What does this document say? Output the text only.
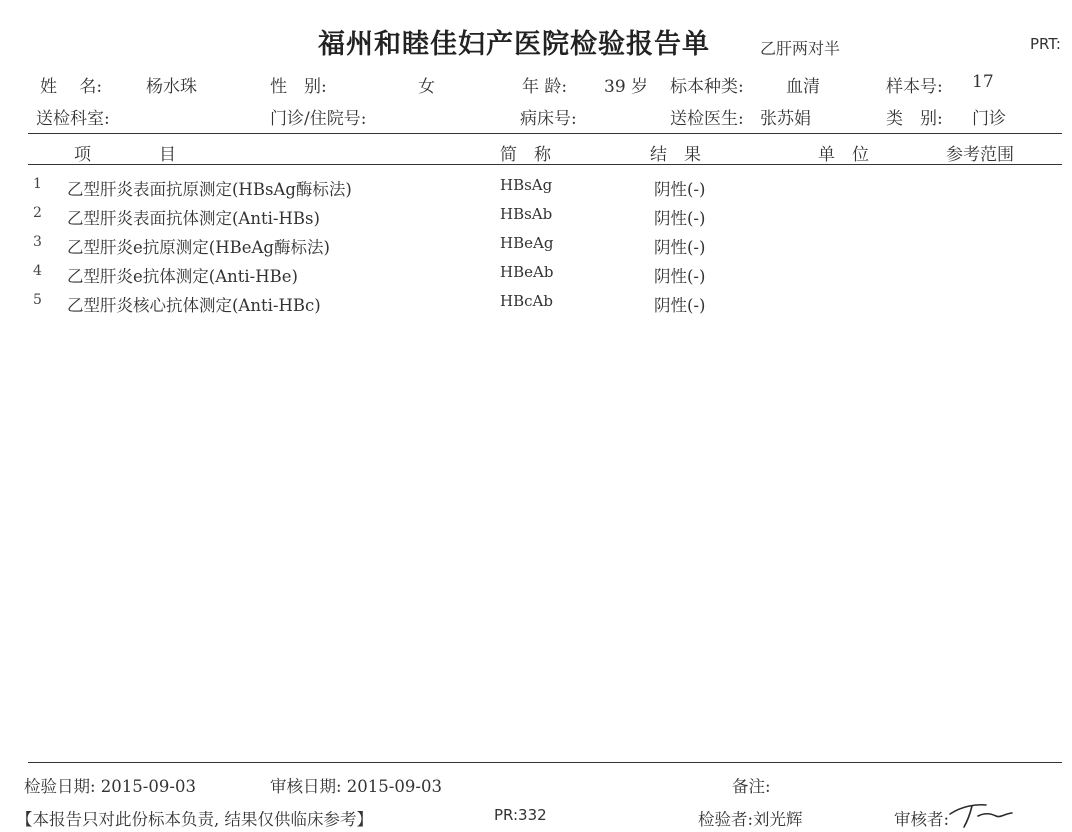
福州和睦佳妇产医院检验报告单	乙肝两对半	PRT:
姓　 名:	杨水珠	性　别:	女	年 龄: 39 岁 标本种类: 血清	样本号: 17
送检科室:	门诊/住院号:	病床号:	送检医生: 张苏娟	类　别: 门诊
项　　　　目	简　称	结　果	单　位	参考范围
1	乙型肝炎表面抗原测定(HBsAg酶标法)	HBsAg	阴性(-)
2	乙型肝炎表面抗体测定(Anti-HBs)	HBsAb	阴性(-)
3	乙型肝炎e抗原测定(HBeAg酶标法)	HBeAg	阴性(-)
4	乙型肝炎e抗体测定(Anti-HBe)	HBeAb	阴性(-)
5	乙型肝炎核心抗体测定(Anti-HBc)	HBcAb	阴性(-)
检验日期: 2015-09-03	审核日期: 2015-09-03	备注:
【本报告只对此份标本负责, 结果仅供临床参考】	PR:332	检验者:刘光辉	审核者:
